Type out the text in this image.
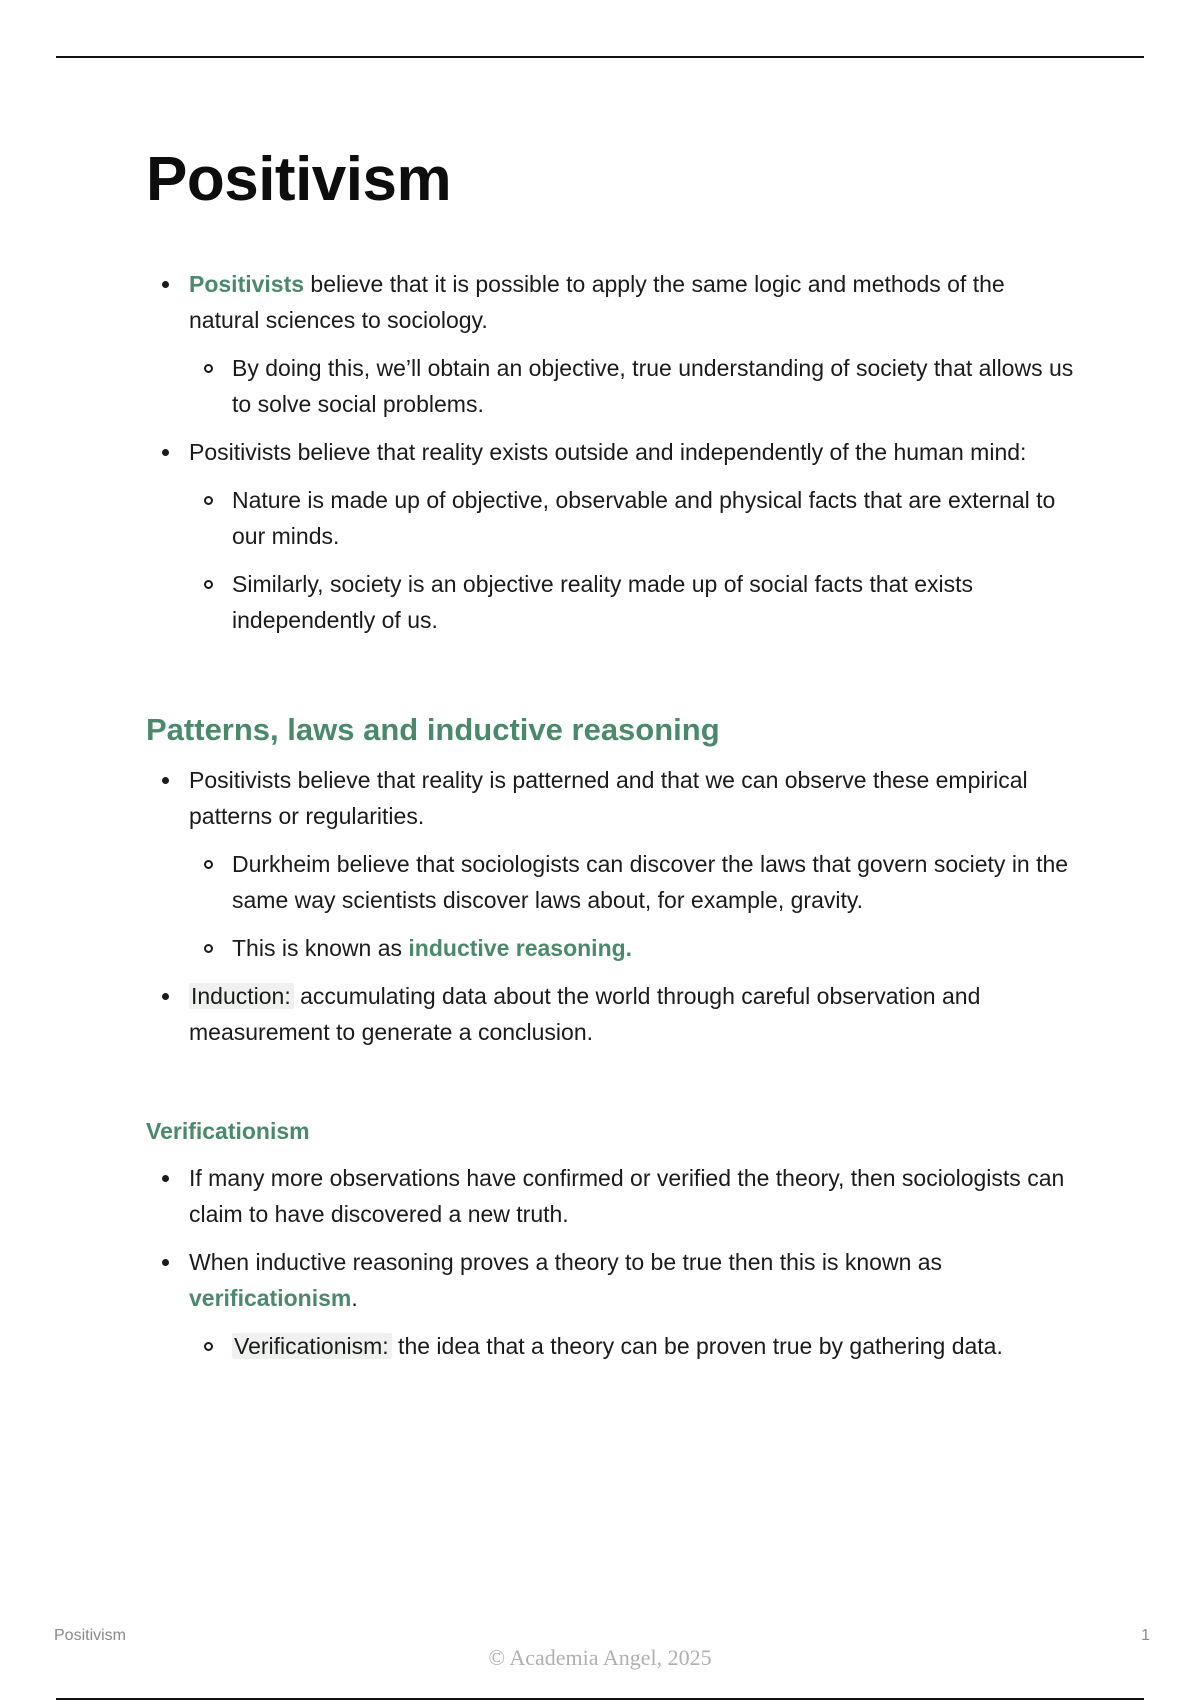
Positivism
Positivists believe that it is possible to apply the same logic and methods of the natural sciences to sociology.
By doing this, we’ll obtain an objective, true understanding of society that allows us to solve social problems.
Positivists believe that reality exists outside and independently of the human mind:
Nature is made up of objective, observable and physical facts that are external to our minds.
Similarly, society is an objective reality made up of social facts that exists independently of us.
Patterns, laws and inductive reasoning
Positivists believe that reality is patterned and that we can observe these empirical patterns or regularities.
Durkheim believe that sociologists can discover the laws that govern society in the same way scientists discover laws about, for example, gravity.
This is known as inductive reasoning.
Induction: accumulating data about the world through careful observation and measurement to generate a conclusion.
Verificationism
If many more observations have confirmed or verified the theory, then sociologists can claim to have discovered a new truth.
When inductive reasoning proves a theory to be true then this is known as verificationism.
Verificationism: the idea that a theory can be proven true by gathering data.
Positivism	1
© Academia Angel, 2025
